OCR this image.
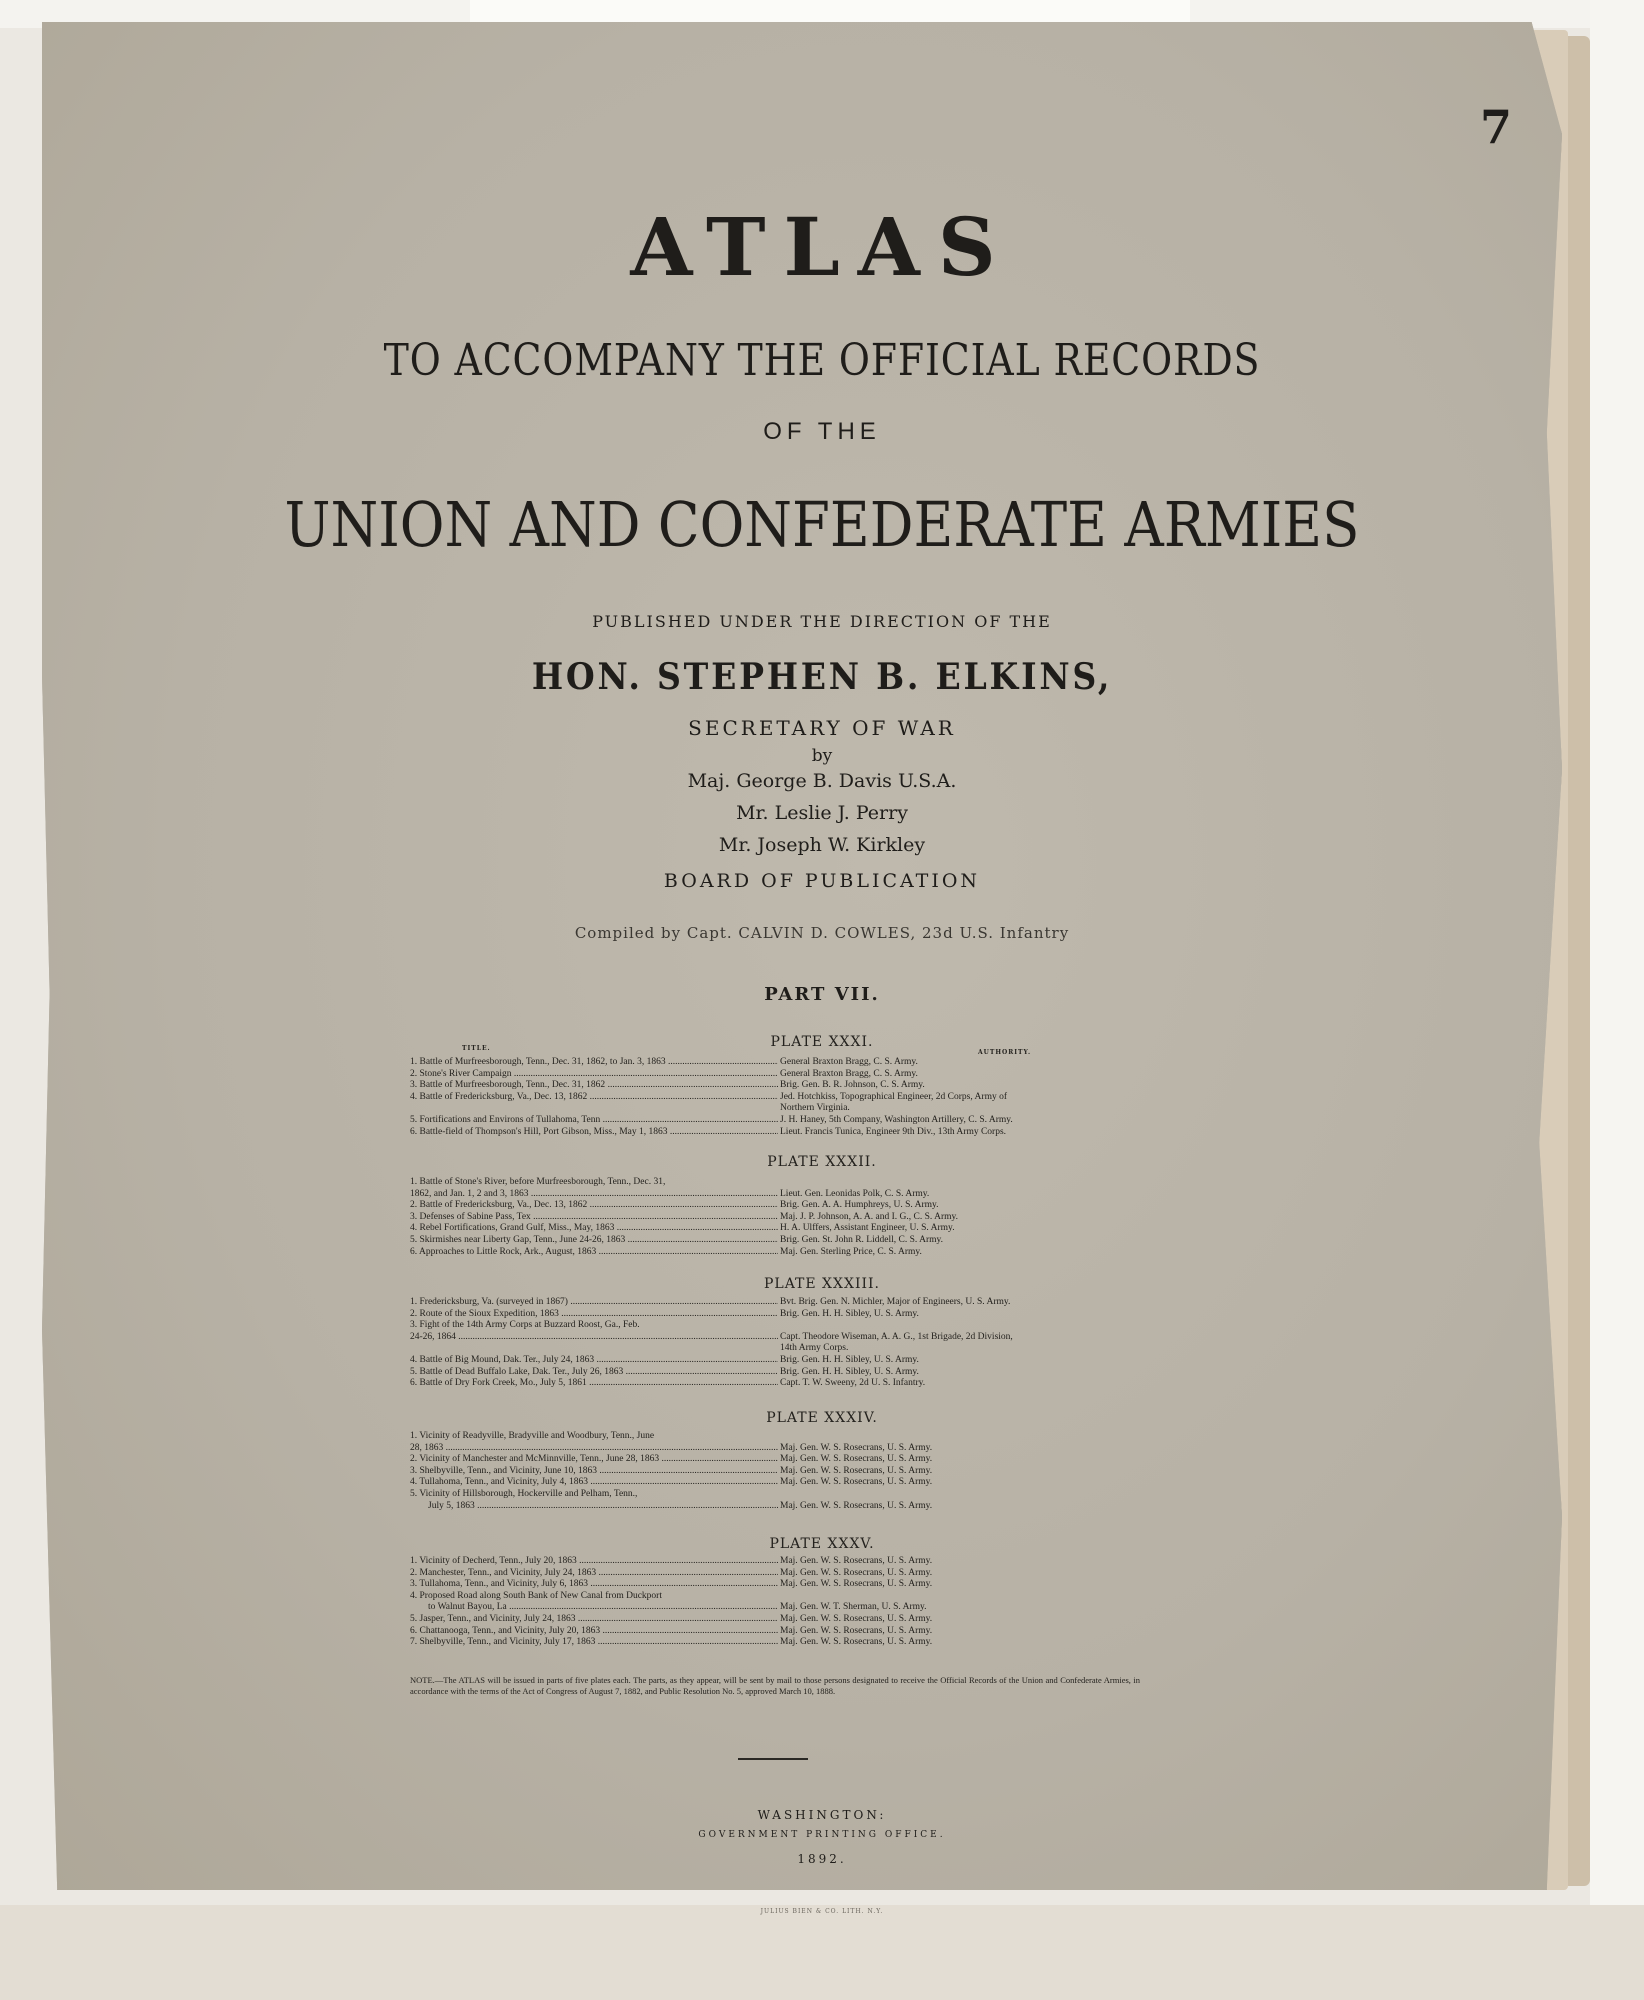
7
ATLAS
TO ACCOMPANY THE OFFICIAL RECORDS
OF THE
UNION AND CONFEDERATE ARMIES
PUBLISHED UNDER THE DIRECTION OF THE
HON. STEPHEN B. ELKINS,
SECRETARY OF WAR
by
Maj. George B. Davis U.S.A.
Mr. Leslie J. Perry
Mr. Joseph W. Kirkley
BOARD OF PUBLICATION
Compiled by Capt. CALVIN D. COWLES, 23d U.S. Infantry
PART VII.
TITLE.
AUTHORITY.
PLATE XXXI.
1. Battle of Murfreesborough, Tenn., Dec. 31, 1862, to Jan. 3, 1863 .....	General Braxton Bragg, C. S. Army.
2. Stone's River Campaign .....	General Braxton Bragg, C. S. Army.
3. Battle of Murfreesborough, Tenn., Dec. 31, 1862 .....	Brig. Gen. B. R. Johnson, C. S. Army.
4. Battle of Fredericksburg, Va., Dec. 13, 1862 .....	Jed. Hotchkiss, Topographical Engineer, 2d Corps, Army of
Northern Virginia.
5. Fortifications and Environs of Tullahoma, Tenn .....	J. H. Haney, 5th Company, Washington Artillery, C. S. Army.
6. Battle-field of Thompson's Hill, Port Gibson, Miss., May 1, 1863 .....	Lieut. Francis Tunica, Engineer 9th Div., 13th Army Corps.
PLATE XXXII.
1. Battle of Stone's River, before Murfreesborough, Tenn., Dec. 31,
1862, and Jan. 1, 2 and 3, 1863 .....	Lieut. Gen. Leonidas Polk, C. S. Army.
2. Battle of Fredericksburg, Va., Dec. 13, 1862 .....	Brig. Gen. A. A. Humphreys, U. S. Army.
3. Defenses of Sabine Pass, Tex .....	Maj. J. P. Johnson, A. A. and I. G., C. S. Army.
4. Rebel Fortifications, Grand Gulf, Miss., May, 1863 .....	H. A. Ulffers, Assistant Engineer, U. S. Army.
5. Skirmishes near Liberty Gap, Tenn., June 24-26, 1863 .....	Brig. Gen. St. John R. Liddell, C. S. Army.
6. Approaches to Little Rock, Ark., August, 1863 .....	Maj. Gen. Sterling Price, C. S. Army.
PLATE XXXIII.
1. Fredericksburg, Va. (surveyed in 1867) .....	Bvt. Brig. Gen. N. Michler, Major of Engineers, U. S. Army.
2. Route of the Sioux Expedition, 1863 .....	Brig. Gen. H. H. Sibley, U. S. Army.
3. Fight of the 14th Army Corps at Buzzard Roost, Ga., Feb.
24-26, 1864 .....	Capt. Theodore Wiseman, A. A. G., 1st Brigade, 2d Division,
14th Army Corps.
4. Battle of Big Mound, Dak. Ter., July 24, 1863 .....	Brig. Gen. H. H. Sibley, U. S. Army.
5. Battle of Dead Buffalo Lake, Dak. Ter., July 26, 1863 .....	Brig. Gen. H. H. Sibley, U. S. Army.
6. Battle of Dry Fork Creek, Mo., July 5, 1861 .....	Capt. T. W. Sweeny, 2d U. S. Infantry.
PLATE XXXIV.
1. Vicinity of Readyville, Bradyville and Woodbury, Tenn., June
28, 1863 .....	Maj. Gen. W. S. Rosecrans, U. S. Army.
2. Vicinity of Manchester and McMinnville, Tenn., June 28, 1863 .....	Maj. Gen. W. S. Rosecrans, U. S. Army.
3. Shelbyville, Tenn., and Vicinity, June 10, 1863 .....	Maj. Gen. W. S. Rosecrans, U. S. Army.
4. Tullahoma, Tenn., and Vicinity, July 4, 1863 .....	Maj. Gen. W. S. Rosecrans, U. S. Army.
5. Vicinity of Hillsborough, Hockerville and Pelham, Tenn.,
July 5, 1863 .....	Maj. Gen. W. S. Rosecrans, U. S. Army.
PLATE XXXV.
1. Vicinity of Decherd, Tenn., July 20, 1863 .....	Maj. Gen. W. S. Rosecrans, U. S. Army.
2. Manchester, Tenn., and Vicinity, July 24, 1863 .....	Maj. Gen. W. S. Rosecrans, U. S. Army.
3. Tullahoma, Tenn., and Vicinity, July 6, 1863 .....	Maj. Gen. W. S. Rosecrans, U. S. Army.
4. Proposed Road along South Bank of New Canal from Duckport
to Walnut Bayou, La .....	Maj. Gen. W. T. Sherman, U. S. Army.
5. Jasper, Tenn., and Vicinity, July 24, 1863 .....	Maj. Gen. W. S. Rosecrans, U. S. Army.
6. Chattanooga, Tenn., and Vicinity, July 20, 1863 .....	Maj. Gen. W. S. Rosecrans, U. S. Army.
7. Shelbyville, Tenn., and Vicinity, July 17, 1863 .....	Maj. Gen. W. S. Rosecrans, U. S. Army.
NOTE.—The ATLAS will be issued in parts of five plates each. The parts, as they appear, will be sent by mail to those persons designated to receive the Official Records of the Union and Confederate Armies, in accordance with the terms of the Act of Congress of August 7, 1882, and Public Resolution No. 5, approved March 10, 1888.
WASHINGTON:
GOVERNMENT PRINTING OFFICE.
1892.
JULIUS BIEN & CO. LITH. N.Y.
